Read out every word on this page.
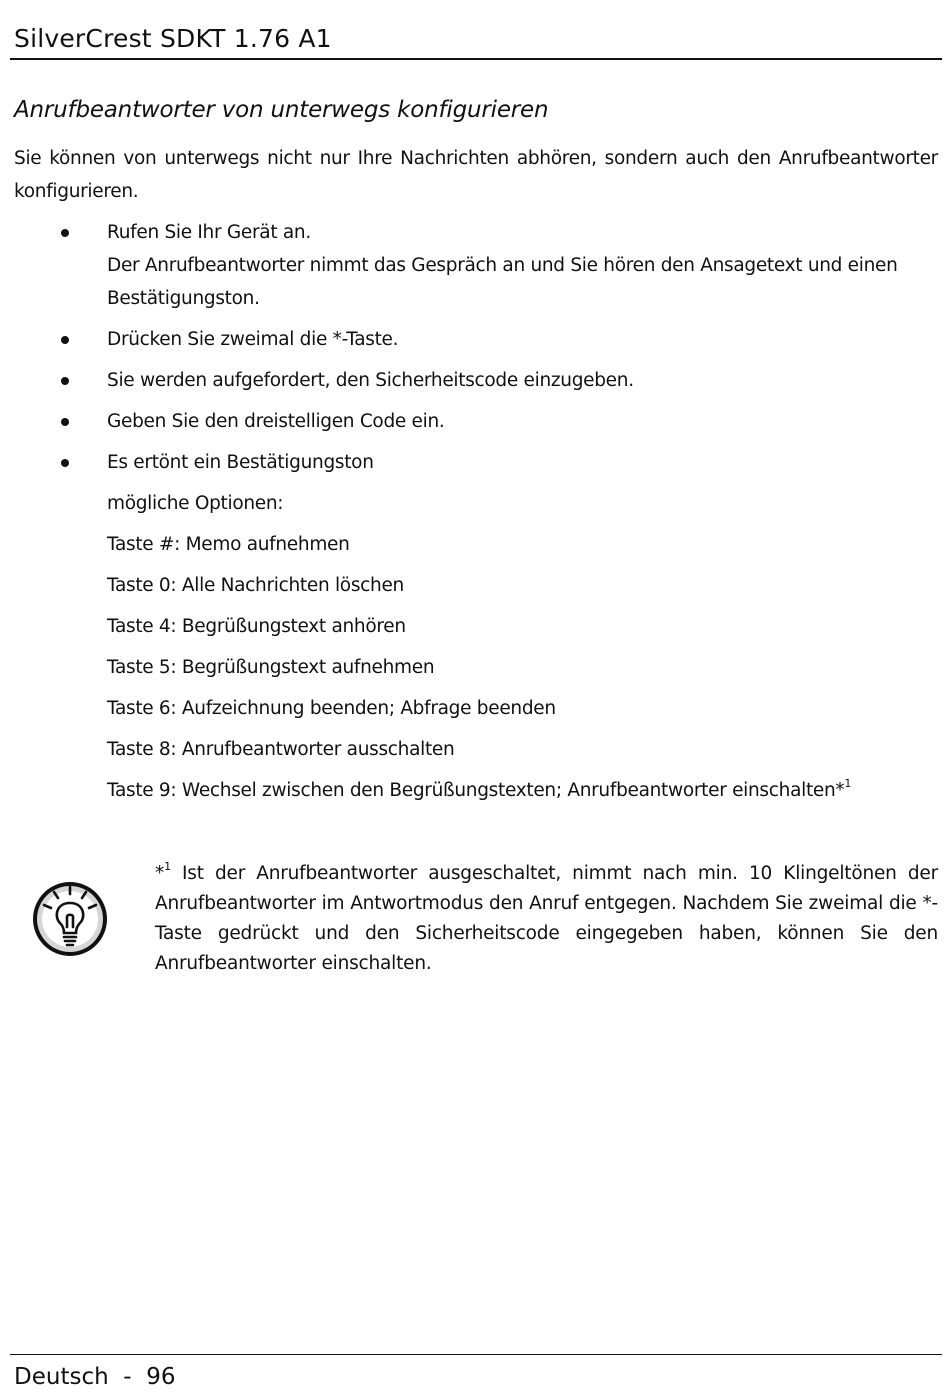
SilverCrest SDKT 1.76 A1
Anrufbeantworter von unterwegs konfigurieren

Sie können von unterwegs nicht nur Ihre Nachrichten abhören, sondern auch den Anrufbeantworter konfigurieren.

Rufen Sie Ihr Gerät an.
Der Anrufbeantworter nimmt das Gespräch an und Sie hören den Ansagetext und einen
Bestätigungston.
Drücken Sie zweimal die *-Taste.
Sie werden aufgefordert, den Sicherheitscode einzugeben.
Geben Sie den dreistelligen Code ein.
Es ertönt ein Bestätigungston
mögliche Optionen:
Taste #: Memo aufnehmen
Taste 0: Alle Nachrichten löschen
Taste 4: Begrüßungstext anhören
Taste 5: Begrüßungstext aufnehmen
Taste 6: Aufzeichnung beenden; Abfrage beenden
Taste 8: Anrufbeantworter ausschalten
Taste 9: Wechsel zwischen den Begrüßungstexten; Anrufbeantworter einschalten*$^1$

*$^1$ Ist der Anrufbeantworter ausgeschaltet, nimmt nach min. 10 Klingeltönen der Anrufbeantworter im Antwortmodus den Anruf entgegen. Nachdem Sie zweimal die *-Taste gedrückt und den Sicherheitscode eingegeben haben, können Sie den Anrufbeantworter einschalten.

Deutsch  -  96
